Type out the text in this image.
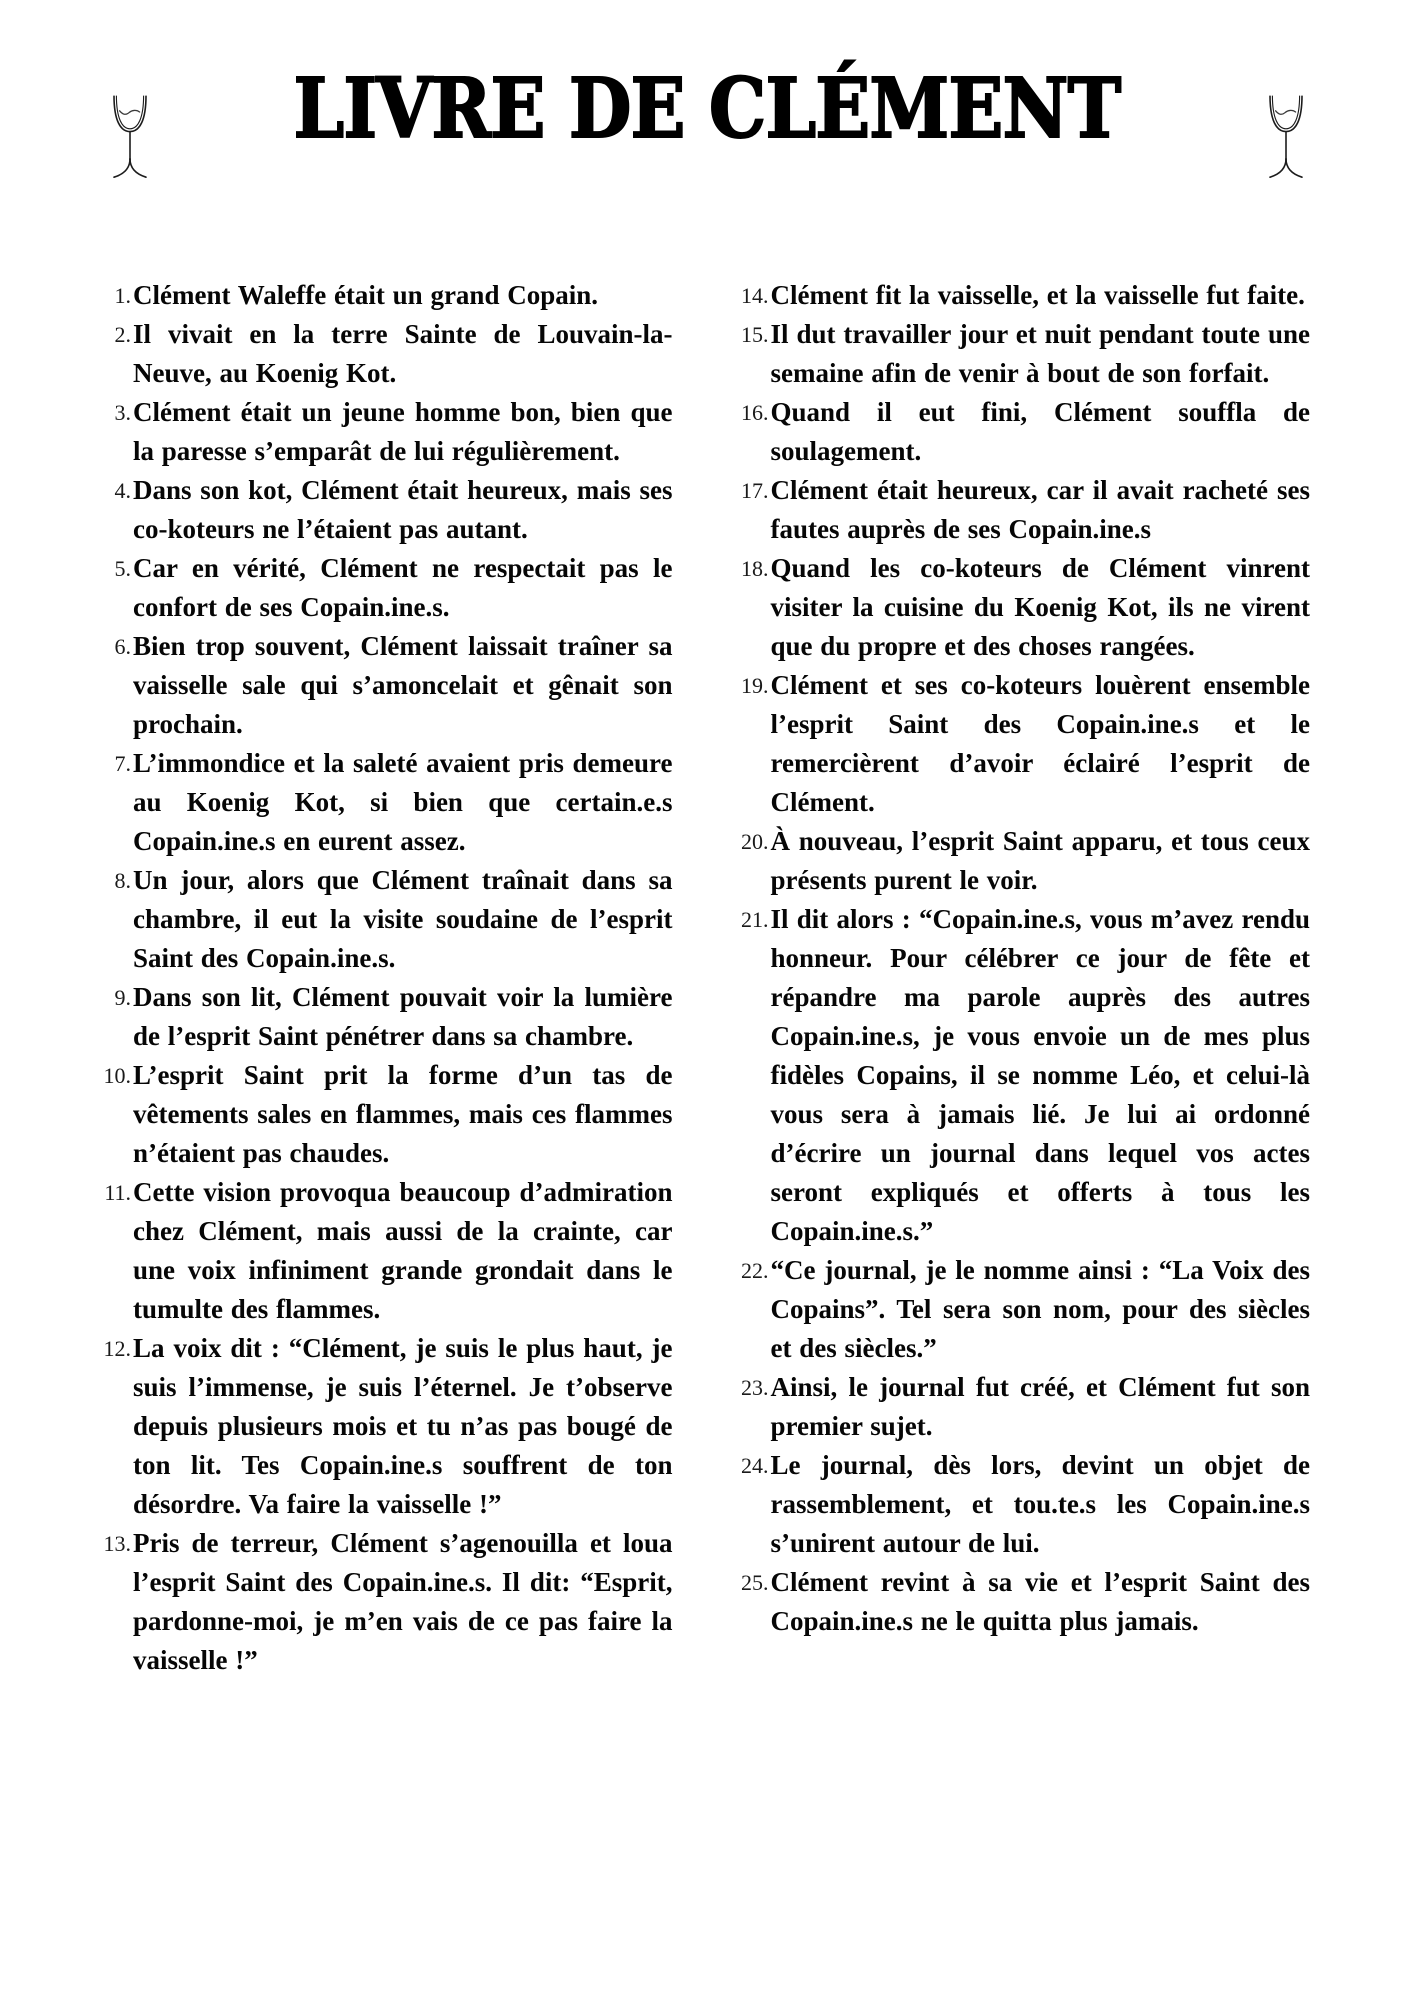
LIVRE DE CLÉMENT
1. Clément Waleffe était un grand Copain.
2. Il vivait en la terre Sainte de Louvain-la-Neuve, au Koenig Kot.
3. Clément était un jeune homme bon, bien que la paresse s’emparât de lui régulièrement.
4. Dans son kot, Clément était heureux, mais ses co-koteurs ne l’étaient pas autant.
5. Car en vérité, Clément ne respectait pas le confort de ses Copain.ine.s.
6. Bien trop souvent, Clément laissait traîner sa vaisselle sale qui s’amoncelait et gênait son prochain.
7. L’immondice et la saleté avaient pris demeure au Koenig Kot, si bien que certain.e.s Copain.ine.s en eurent assez.
8. Un jour, alors que Clément traînait dans sa chambre, il eut la visite soudaine de l’esprit Saint des Copain.ine.s.
9. Dans son lit, Clément pouvait voir la lumière de l’esprit Saint pénétrer dans sa chambre.
10. L’esprit Saint prit la forme d’un tas de vêtements sales en flammes, mais ces flammes n’étaient pas chaudes.
11. Cette vision provoqua beaucoup d’admiration chez Clément, mais aussi de la crainte, car une voix infiniment grande grondait dans le tumulte des flammes.
12. La voix dit : “Clément, je suis le plus haut, je suis l’immense, je suis l’éternel. Je t’observe depuis plusieurs mois et tu n’as pas bougé de ton lit. Tes Copain.ine.s souffrent de ton désordre. Va faire la vaisselle !”
13. Pris de terreur, Clément s’agenouilla et loua l’esprit Saint des Copain.ine.s. Il dit: “Esprit, pardonne-moi, je m’en vais de ce pas faire la vaisselle !”
14. Clément fit la vaisselle, et la vaisselle fut faite.
15. Il dut travailler jour et nuit pendant toute une semaine afin de venir à bout de son forfait.
16. Quand il eut fini, Clément souffla de soulagement.
17. Clément était heureux, car il avait racheté ses fautes auprès de ses Copain.ine.s
18. Quand les co-koteurs de Clément vinrent visiter la cuisine du Koenig Kot, ils ne virent que du propre et des choses rangées.
19. Clément et ses co-koteurs louèrent ensemble l’esprit Saint des Copain.ine.s et le remercièrent d’avoir éclairé l’esprit de Clément.
20. À nouveau, l’esprit Saint apparu, et tous ceux présents purent le voir.
21. Il dit alors : “Copain.ine.s, vous m’avez rendu honneur. Pour célébrer ce jour de fête et répandre ma parole auprès des autres Copain.ine.s, je vous envoie un de mes plus fidèles Copains, il se nomme Léo, et celui-là vous sera à jamais lié. Je lui ai ordonné d’écrire un journal dans lequel vos actes seront expliqués et offerts à tous les Copain.ine.s.”
22. “Ce journal, je le nomme ainsi : “La Voix des Copains”. Tel sera son nom, pour des siècles et des siècles.”
23. Ainsi, le journal fut créé, et Clément fut son premier sujet.
24. Le journal, dès lors, devint un objet de rassemblement, et tou.te.s les Copain.ine.s s’unirent autour de lui.
25. Clément revint à sa vie et l’esprit Saint des Copain.ine.s ne le quitta plus jamais.
